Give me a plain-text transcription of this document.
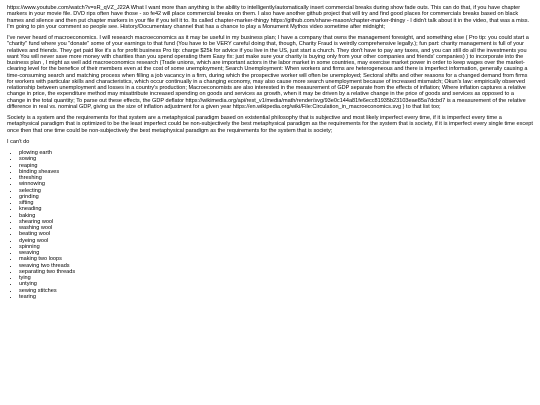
https://www.youtube.com/watch?v=sR_qVZ_J22A What I want more than anything is the ability to intelligently/automatically insert commercial breaks during show fade outs. This can do that, if you have chapter markers in your movie file. DVD rips often have those - so fe42 will place commercial breaks on them. I also have another github project that will try and find good places for commercials breaks based on black frames and silence and then put chapter markers in your file if you tell it to. Its called chapter-marker-thingy https://github.com/shane-mason/chapter-marker-thingy - I didn't talk about it in the video, that was a miss. I'm going to pin your comment so people see. History/Documentary channel that has a chance to play a Monument Mythos video sometime after midnight;

I've never heard of macroeconomics. I will research macroeconomics as it may be useful in my business plan; I have a company that owns the management foresight, and something else ( Pro tip: you could start a "charity" fund where you "donate" some of your earnings to that fund (You have to be VERY careful doing that, though, Charity Fraud is weirdly comprehensive legally.); fun part: charity management is full of your relatives and friends. They get paid like it's a for profit business Pro tip: charge $25k for advice if you live in the US, just start a church. They don't have to pay any taxes, and you can still do all the investments you want You will never save more money with charities than you spend operating them Easy fix: just make sure your charity is buying only from your other companies and friends' companies) ) to incorporate into the business plan , I might as well add macroeconomics research (Trade unions, which are important actors in the labor market in some countries, may exercise market power in order to keep wages over the market-clearing level for the benefice of their members even at the cost of some unemployment; Search Unemployment: When workers and firms are heterogeneous and there is imperfect information, generally causing a time-consuming search and matching process when filling a job vacancy in a firm, during which the prospective worker will often be unemployed; Sectoral shifts and other reasons for a changed demand from firms for workers with particular skills and characteristics, which occur continually in a changing economy, may also cause more search unemployment because of increased mismatch; Okun's law: empirically observed relationship between unemployment and losses in a country's production; Macroeconomists are also interested in the measurement of GDP separate from the effects of inflation; Where inflation captures a relative change in price, the expenditure method may misattribute increased spending on goods and services as growth, when it may be driven by a relative change in the price of goods and services as opposed to a change in the total quantity; To parse out these effects, the GDP deflator https://wikimedia.org/api/rest_v1/media/math/render/svg/93e0c144a81fe6ecc81935b23103eae85a7dcbd7 is a measurement of the relative difference in real vs. nominal GDP, giving us the size of inflation adjustment for a given year https://en.wikipedia.org/wiki/File:Circulation_in_macroeconomics.svg ) to that list too;

Society is a system and the requirements for that system are a metaphysical paradigm based on existential philosophy that is subjective and most likely imperfect every time, if it is imperfect every time a metaphysical paradigm that is optimized to be the least imperfect could be non-subjectively the best metaphysical paradigm as the requirements for the system that is society, if it is imperfect every single time except once then that one time could be non-subjectively the best metaphysical paradigm as the requirements for the system that is society;

I can't do

• plowing earth
• sowing
• reaping
• binding sheaves
• threshing
• winnowing
• selecting
• grinding
• sifting
• kneading
• baking
• shearing wool
• washing wool
• beating wool
• dyeing wool
• spinning
• weaving
• making two loops
• weaving two threads
• separating two threads
• tying
• untying
• sewing stitches
• tearing
